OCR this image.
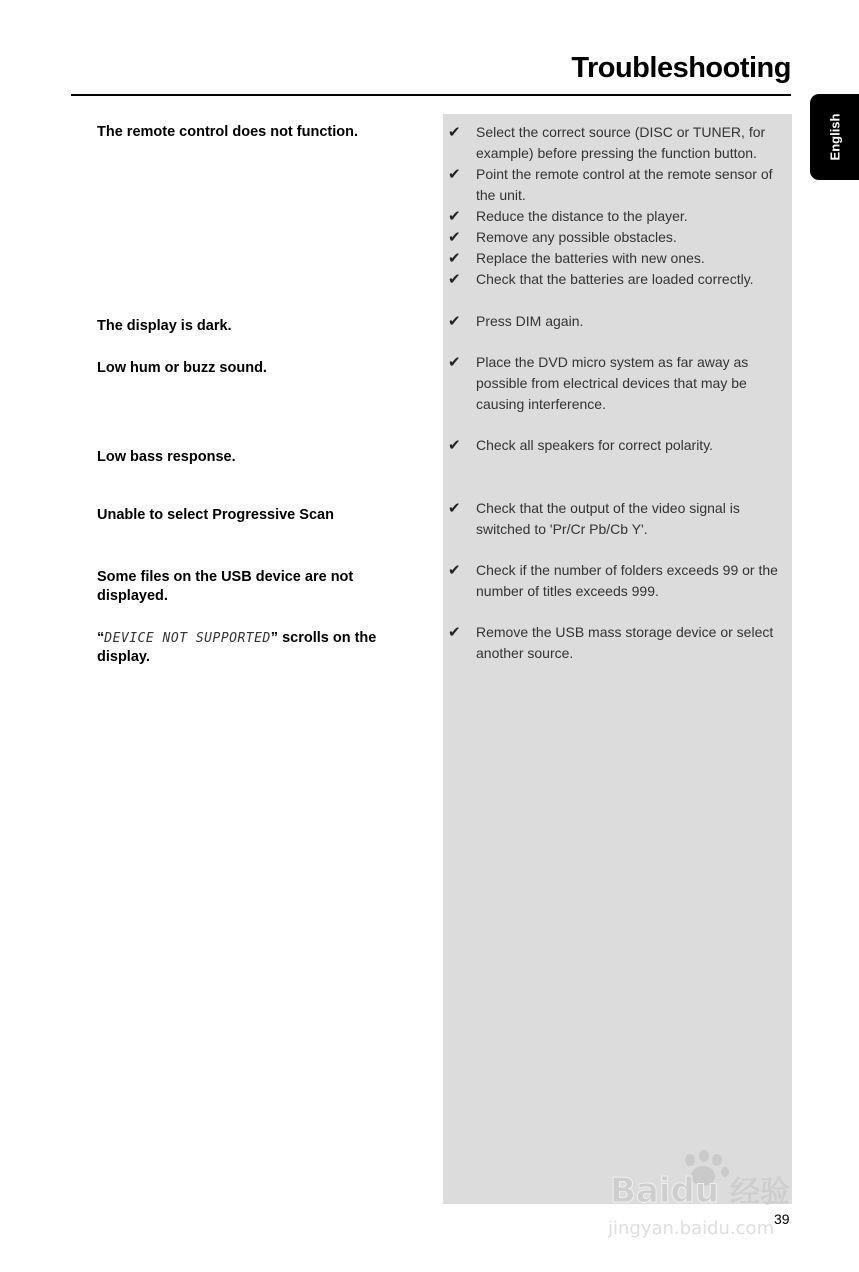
Troubleshooting
English
The remote control does not function.
The display is dark.
Low hum or buzz sound.
Low bass response.
Unable to select Progressive Scan
Some files on the USB device are not displayed.
“DEVICE NOT SUPPORTED” scrolls on the display.
✔ Select the correct source (DISC or TUNER, for example) before pressing the function button.
✔ Point the remote control at the remote sensor of the unit.
✔ Reduce the distance to the player.
✔ Remove any possible obstacles.
✔ Replace the batteries with new ones.
✔ Check that the batteries are loaded correctly.
✔ Press DIM again.
✔ Place the DVD micro system as far away as possible from electrical devices that may be causing interference.
✔ Check all speakers for correct polarity.
✔ Check that the output of the video signal is switched to 'Pr/Cr Pb/Cb Y'.
✔ Check if the number of folders exceeds 99 or the number of titles exceeds 999.
✔ Remove the USB mass storage device or select another source.
39
Baidu 经验
jingyan.baidu.com
